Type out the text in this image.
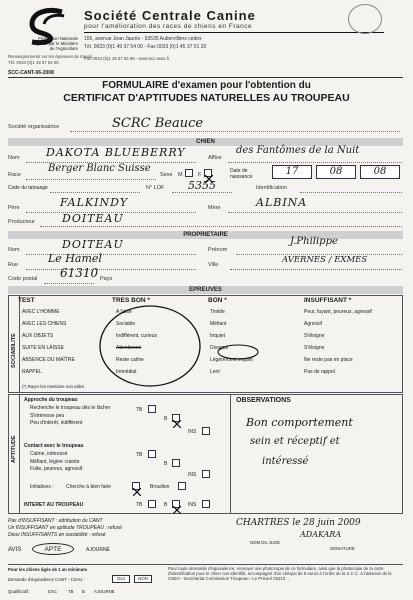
Société Centrale Canine
pour l'amélioration des races de chiens en France
Fédération Nationale
agréée par le Ministère
de l'Agriculture
155, avenue Jean Jaurès - 93535 Aubervilliers cedex
Tél. 0033 (0)1 49 37 54 00 - Fax 0033 (0)1 45 37 01 20
Renseignements sur les épreuves de travail
Tél. 0033 (0)1 49 37 54 00
Fax 0033 (0)1 49 37 55 99 - www.scc.asso.fr
SCC-CANT-06-2008
FORMULAIRE d'examen pour l'obtention du
CERTIFICAT D'APTITUDES NATURELLES AU TROUPEAU
Société organisatrice	SCRC Beauce
CHIEN
Nom DAKOTA BLUEBERRY	Affixe
des Fantômes de la Nuit
Race
Berger Blanc Suisse
Sexe M	F
Date de naissance	17	08	08
Code du tatouage	N° LOF 5355	Identification
Père	FALKINDY	Mère	ALBINA
Producteur DOITEAU
PROPRIETAIRE
Nom	DOITEAU	Prénom
J.Philippe
Rue	Le Hamel	Ville	AVERNES / EXMES
Code postal 61310 Pays
EPREUVES
SOCIABILITE
TEST	TRES BON *	BON *	INSUFFISANT *
AVEC L'HOMME	A l'aise	Timide	Peur, fuyant, peureux, agressif
AVEC LES CHIENS	Sociable	Méfiant	Agressif
AUX OBJETS	Indifférent, curieux	Inquiet	S'éloigne
SUITE EN LAISSE	Attentionné	Divague	S'éloigne
ABSENCE DU MAÎTRE	Reste calme	Légèrement inquiet	Ne reste pas en place
RAPPEL	Immédiat	Lent	Pas de rappel
(*) Rayer les mentions non utiles
APTITUDE
Approche du troupeau
Recherche le troupeau dès le lâcher
S'intéresse peu
Peu d'intérêt, indifférent
TB
B
INS
Contact avec le troupeau
Calme, intéressé
Méfiant, légère crainte
Fuite, peureux, agressif
TB
B
INS
Initiatives : Cherche à bien faire	Brouillon
INTERET AU TROUPEAU	TB	B	INS
OBSERVATIONS
Bon comportement
sein et réceptif et
intéressé
Pas d'INSUFFISANT : attribution du CANT
Un INSUFFISANT en aptitude TROUPEAU : refusé
Deux INSUFFISANTS en sociabilité : refusé
AVIS	APTE	AJOURNÉ
CHARTRES le 28 juin 2009
ADAKARA
NOM DU JUGE
SIGNATURE
Pour les chiens âgés de 1 an minimum
Demande d'équivalence CANT - CSAU :	OUI	NON
Qualificatif :	EXC	TB B AJOURNE
Pour toute demande d'équivalence, renvoyer une photocopie de ce formulaire, ainsi que la photocopie de la carte d'identification pour le chien non identifié, accompagné d'un chèque de 8 euros à l'ordre de la S.C.C. à l'adresse de la CNEA - Secrétariat Commission Troupeau - Le Prieuré 03210 ...
